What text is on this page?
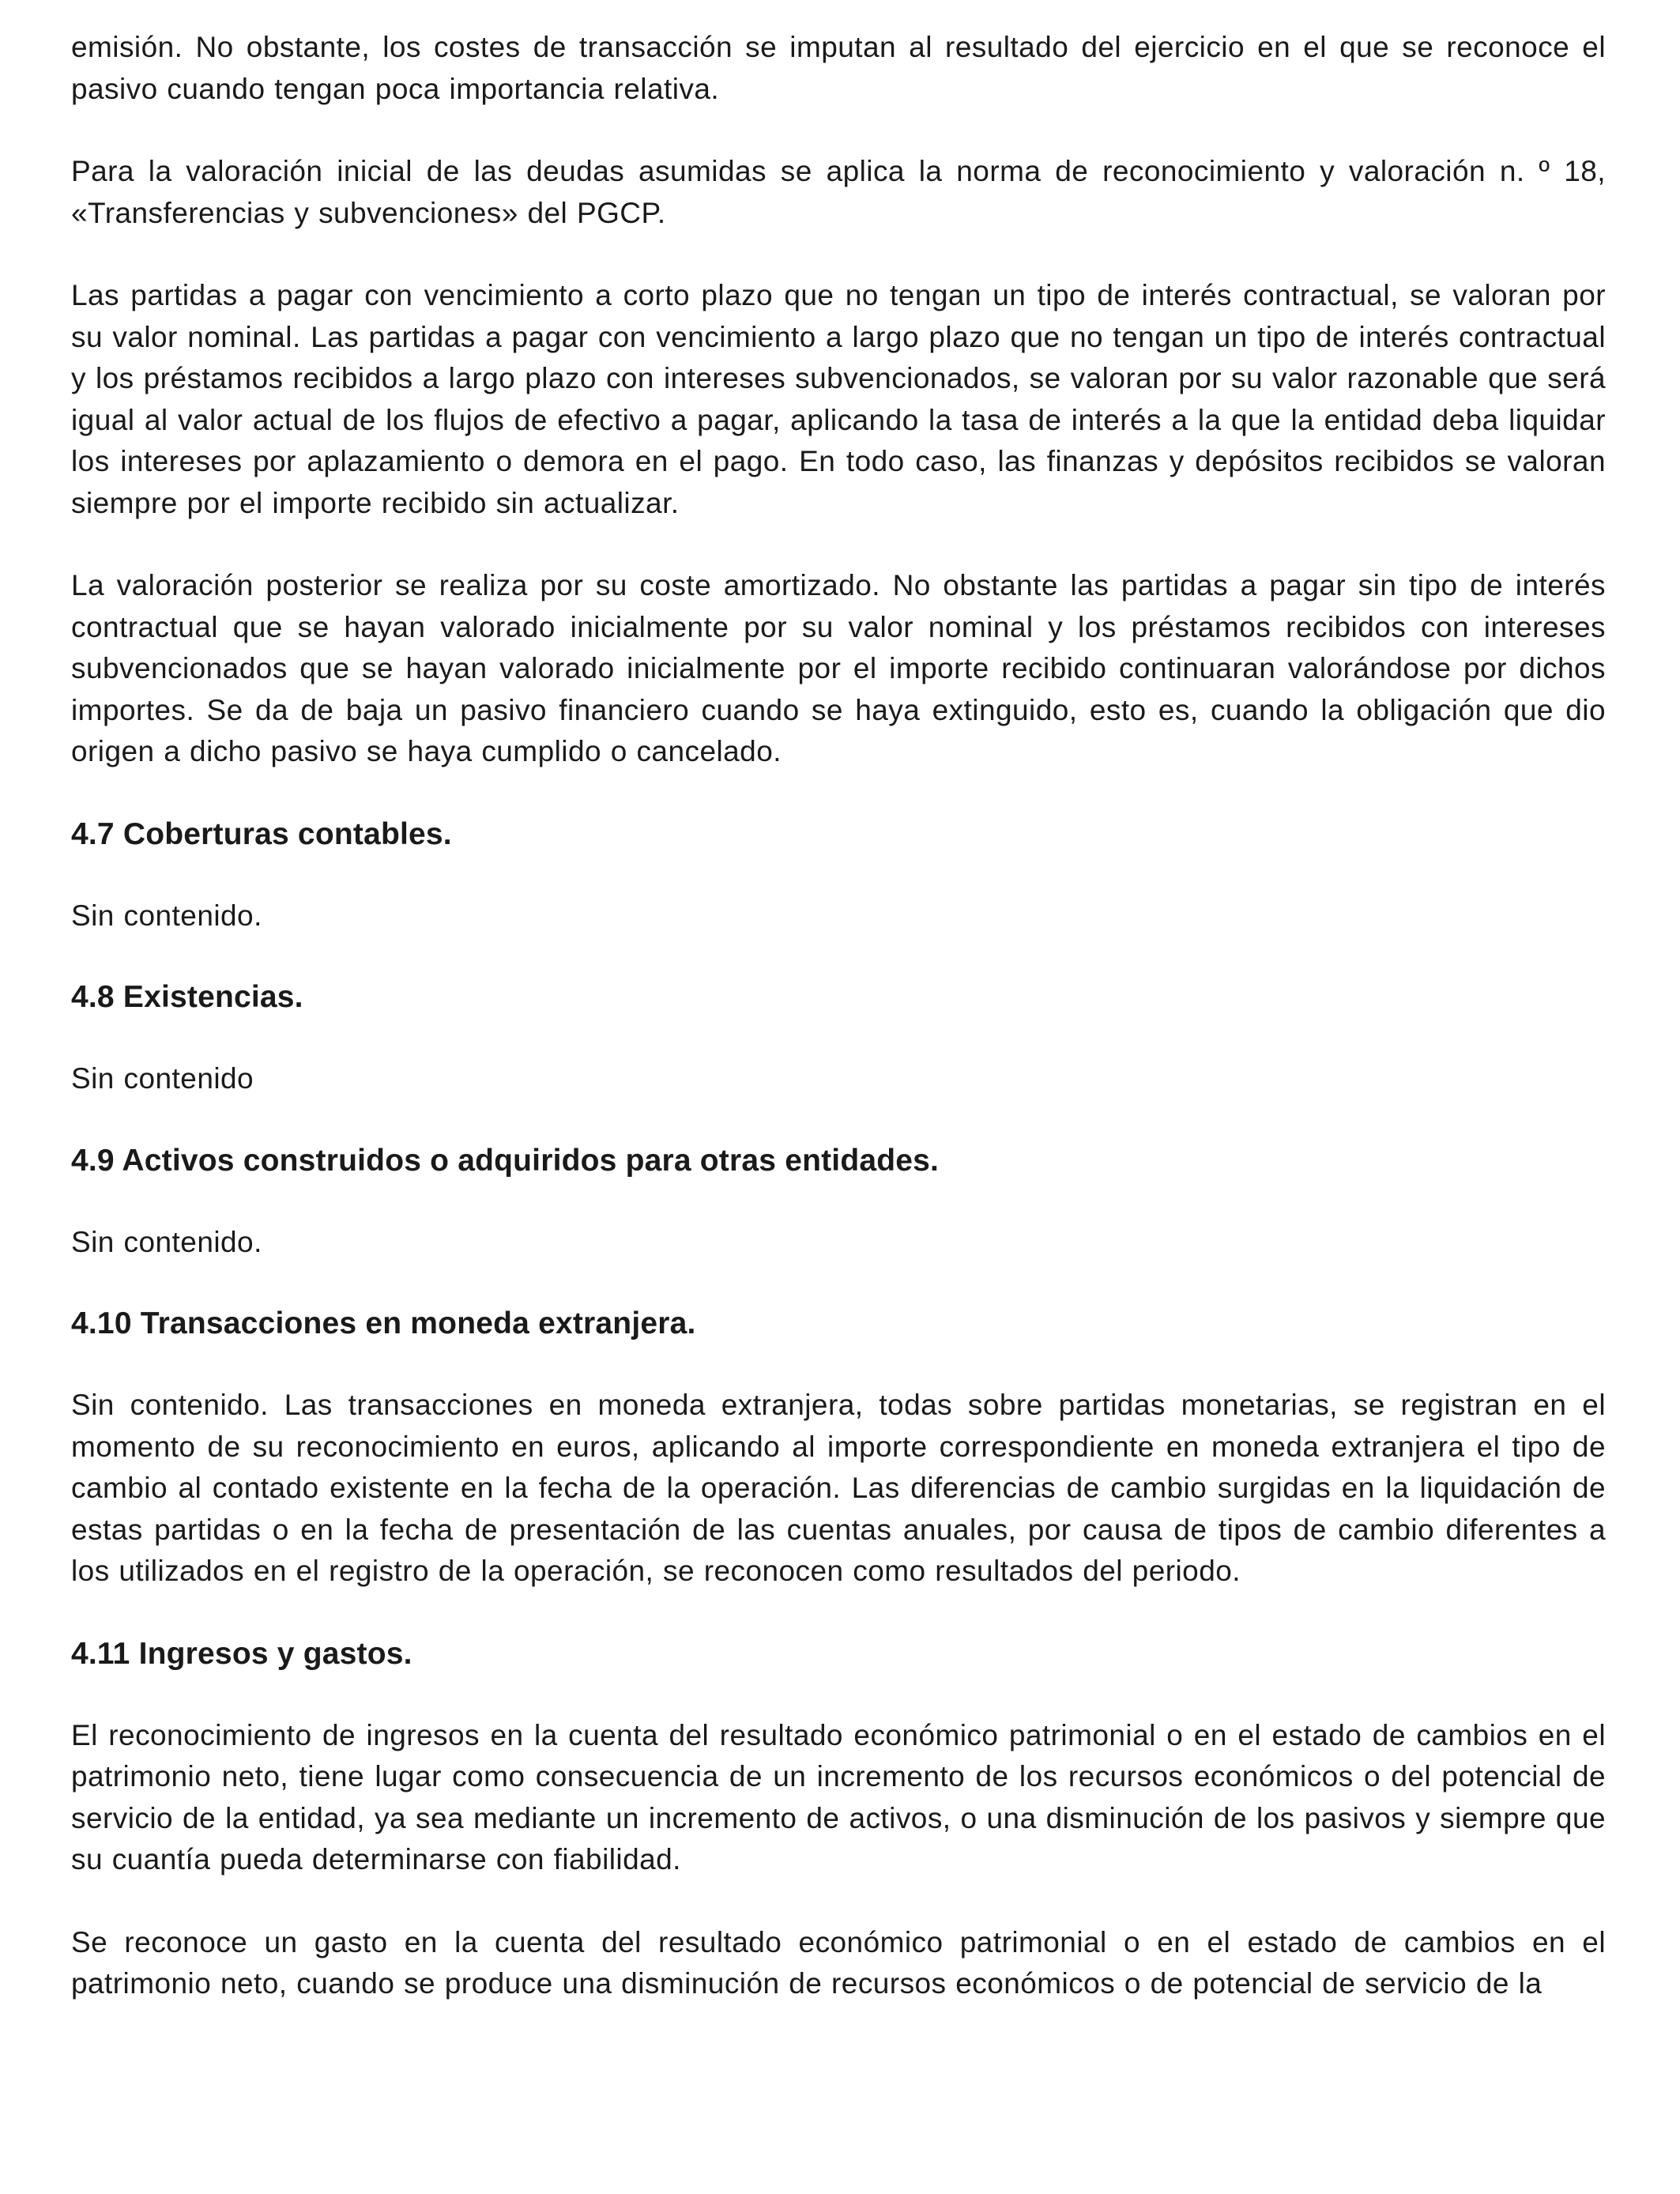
emisión. No obstante, los costes de transacción se imputan al resultado del ejercicio en el que se reconoce el pasivo cuando tengan poca importancia relativa.

Para la valoración inicial de las deudas asumidas se aplica la norma de reconocimiento y valoración n. º 18, «Transferencias y subvenciones» del PGCP.

Las partidas a pagar con vencimiento a corto plazo que no tengan un tipo de interés contractual, se valoran por su valor nominal. Las partidas a pagar con vencimiento a largo plazo que no tengan un tipo de interés contractual y los préstamos recibidos a largo plazo con intereses subvencionados, se valoran por su valor razonable que será igual al valor actual de los flujos de efectivo a pagar, aplicando la tasa de interés a la que la entidad deba liquidar los intereses por aplazamiento o demora en el pago. En todo caso, las finanzas y depósitos recibidos se valoran siempre por el importe recibido sin actualizar.

La valoración posterior se realiza por su coste amortizado. No obstante las partidas a pagar sin tipo de interés contractual que se hayan valorado inicialmente por su valor nominal y los préstamos recibidos con intereses subvencionados que se hayan valorado inicialmente por el importe recibido continuaran valorándose por dichos importes. Se da de baja un pasivo financiero cuando se haya extinguido, esto es, cuando la obligación que dio origen a dicho pasivo se haya cumplido o cancelado.

4.7 Coberturas contables.

Sin contenido.

4.8 Existencias.

Sin contenido

4.9 Activos construidos o adquiridos para otras entidades.

Sin contenido.

4.10 Transacciones en moneda extranjera.

Sin contenido. Las transacciones en moneda extranjera, todas sobre partidas monetarias, se registran en el momento de su reconocimiento en euros, aplicando al importe correspondiente en moneda extranjera el tipo de cambio al contado existente en la fecha de la operación. Las diferencias de cambio surgidas en la liquidación de estas partidas o en la fecha de presentación de las cuentas anuales, por causa de tipos de cambio diferentes a los utilizados en el registro de la operación, se reconocen como resultados del periodo.

4.11 Ingresos y gastos.

El reconocimiento de ingresos en la cuenta del resultado económico patrimonial o en el estado de cambios en el patrimonio neto, tiene lugar como consecuencia de un incremento de los recursos económicos o del potencial de servicio de la entidad, ya sea mediante un incremento de activos, o una disminución de los pasivos y siempre que su cuantía pueda determinarse con fiabilidad.

Se reconoce un gasto en la cuenta del resultado económico patrimonial o en el estado de cambios en el patrimonio neto, cuando se produce una disminución de recursos económicos o de potencial de servicio de la
